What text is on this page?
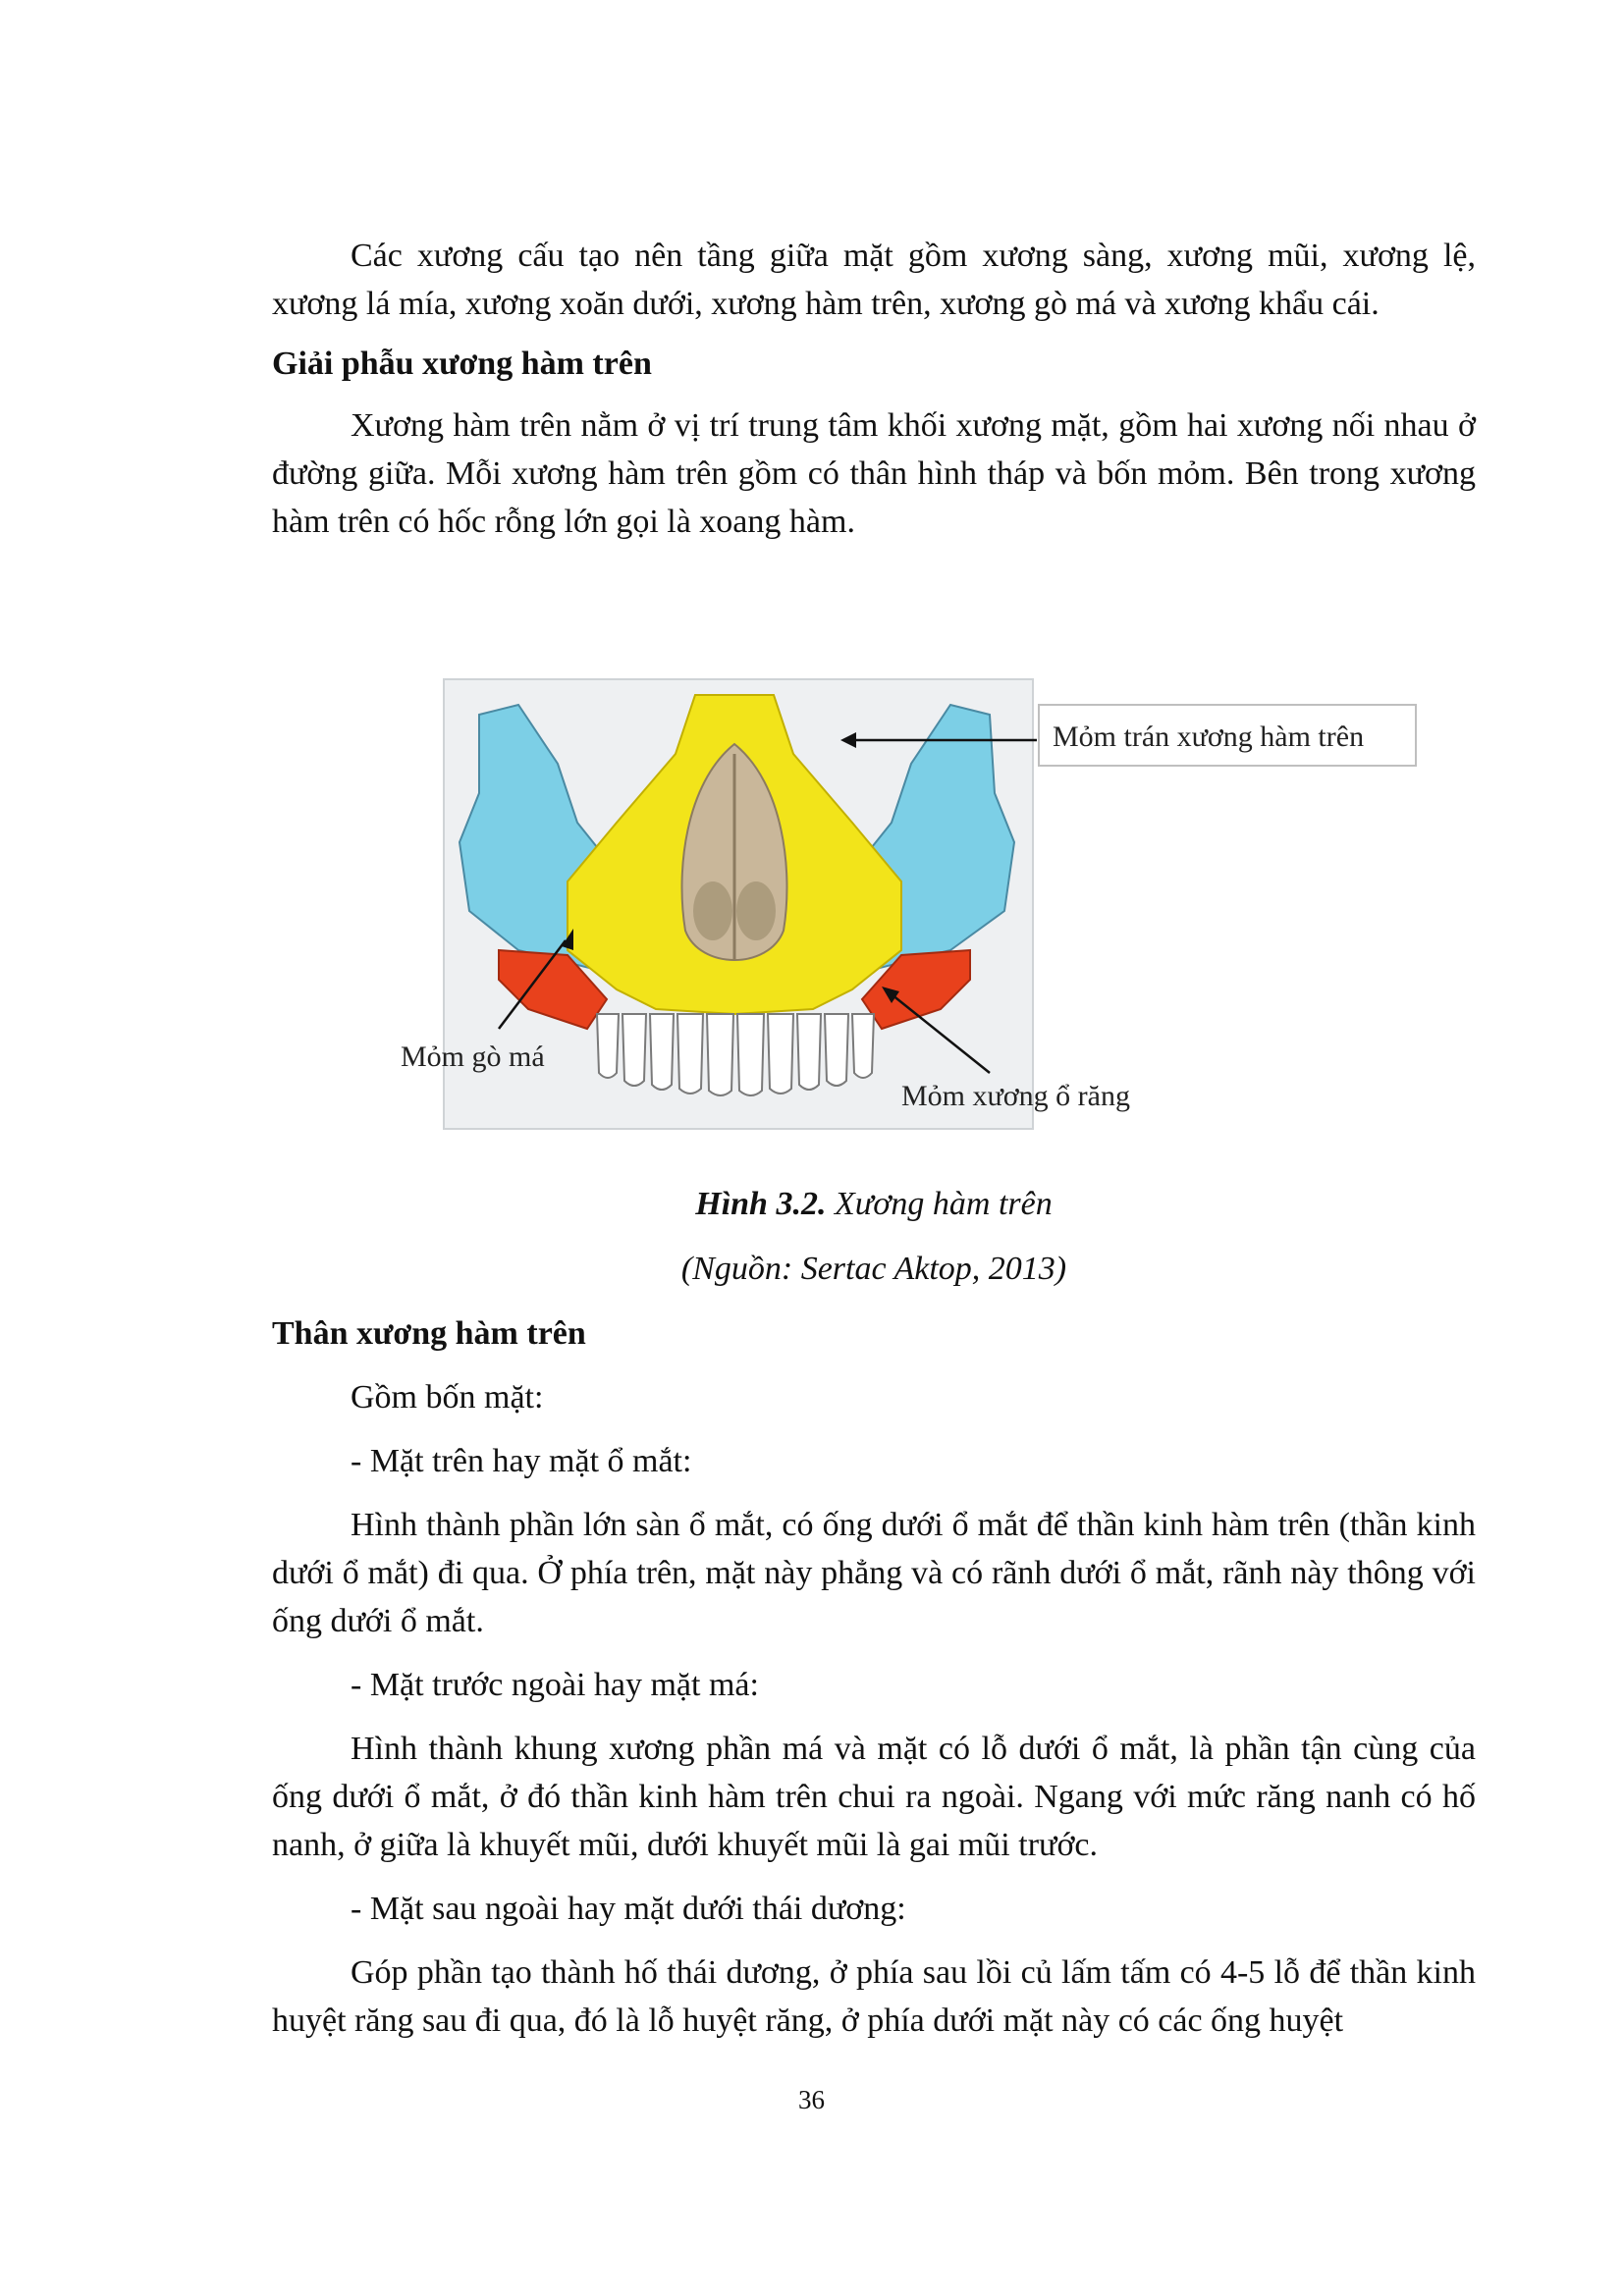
Các xương cấu tạo nên tầng giữa mặt gồm xương sàng, xương mũi, xương lệ, xương lá mía, xương xoăn dưới, xương hàm trên, xương gò má và xương khẩu cái.

Giải phẫu xương hàm trên

Xương hàm trên nằm ở vị trí trung tâm khối xương mặt, gồm hai xương nối nhau ở đường giữa. Mỗi xương hàm trên gồm có thân hình tháp và bốn mỏm. Bên trong xương hàm trên có hốc rỗng lớn gọi là xoang hàm.

Mỏm trán xương hàm trên
Mỏm gò má
Mỏm xương ổ răng
Hình 3.2. Xương hàm trên
(Nguồn: Sertac Aktop, 2013)

Thân xương hàm trên

Gồm bốn mặt:

- Mặt trên hay mặt ổ mắt:

Hình thành phần lớn sàn ổ mắt, có ống dưới ổ mắt để thần kinh hàm trên (thần kinh dưới ổ mắt) đi qua. Ở phía trên, mặt này phẳng và có rãnh dưới ổ mắt, rãnh này thông với ống dưới ổ mắt.

- Mặt trước ngoài hay mặt má:

Hình thành khung xương phần má và mặt có lỗ dưới ổ mắt, là phần tận cùng của ống dưới ổ mắt, ở đó thần kinh hàm trên chui ra ngoài. Ngang với mức răng nanh có hố nanh, ở giữa là khuyết mũi, dưới khuyết mũi là gai mũi trước.

- Mặt sau ngoài hay mặt dưới thái dương:

Góp phần tạo thành hố thái dương, ở phía sau lồi củ lấm tấm có 4-5 lỗ để thần kinh huyệt răng sau đi qua, đó là lỗ huyệt răng, ở phía dưới mặt này có các ống huyệt

36
